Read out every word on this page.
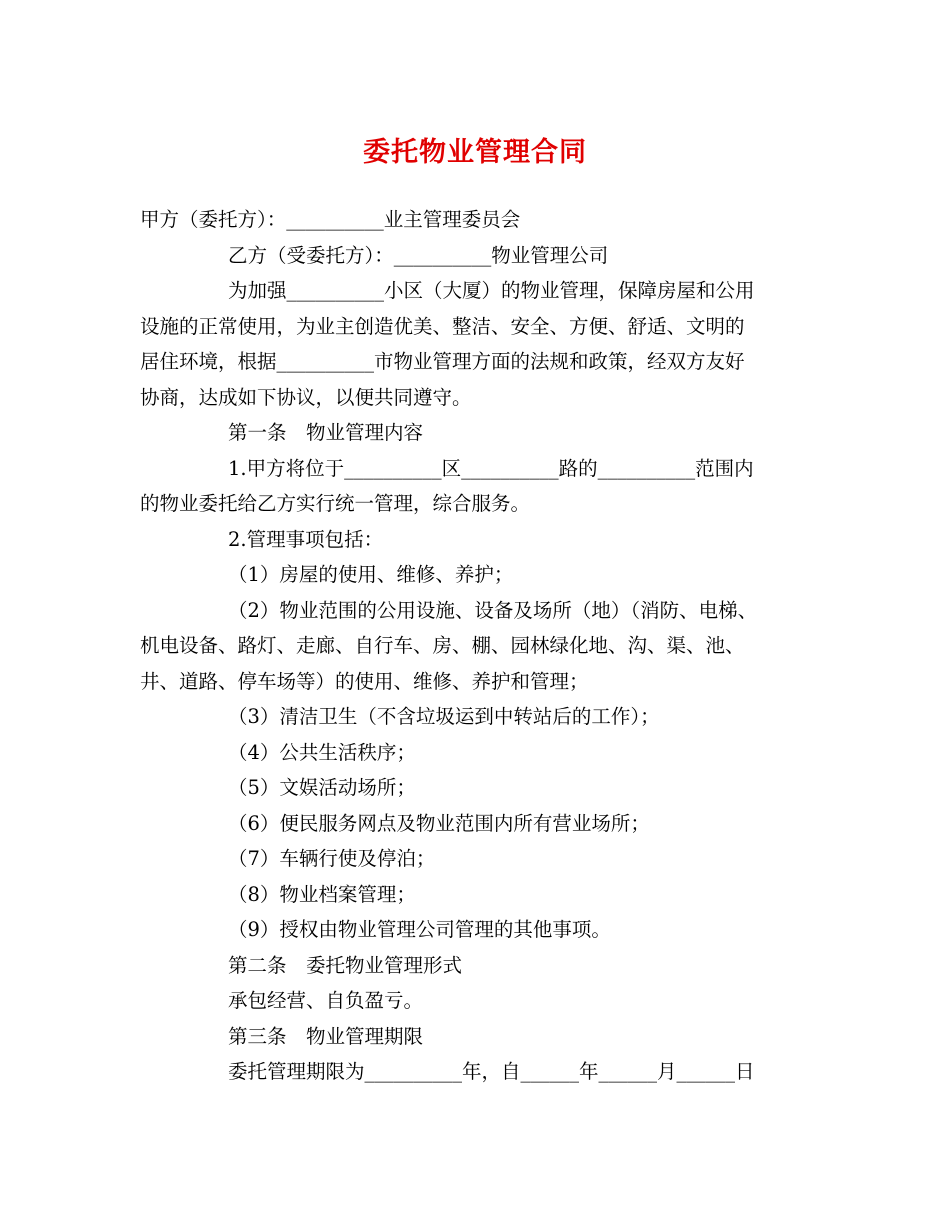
委托物业管理合同
甲方（委托方）：__________业主管理委员会
乙方（受委托方）：__________物业管理公司
为加强__________小区（大厦）的物业管理，保障房屋和公用
设施的正常使用，为业主创造优美、整洁、安全、方便、舒适、文明的
居住环境，根据__________市物业管理方面的法规和政策，经双方友好
协商，达成如下协议，以便共同遵守。
第一条　物业管理内容
1.甲方将位于__________区__________路的__________范围内
的物业委托给乙方实行统一管理，综合服务。
2.管理事项包括：
（1）房屋的使用、维修、养护；
（2）物业范围的公用设施、设备及场所（地）（消防、电梯、
机电设备、路灯、走廊、自行车、房、棚、园林绿化地、沟、渠、池、
井、道路、停车场等）的使用、维修、养护和管理；
（3）清洁卫生（不含垃圾运到中转站后的工作）；
（4）公共生活秩序；
（5）文娱活动场所；
（6）便民服务网点及物业范围内所有营业场所；
（7）车辆行使及停泊；
（8）物业档案管理；
（9）授权由物业管理公司管理的其他事项。
第二条　委托物业管理形式
承包经营、自负盈亏。
第三条　物业管理期限
委托管理期限为__________年，自______年______月______日
